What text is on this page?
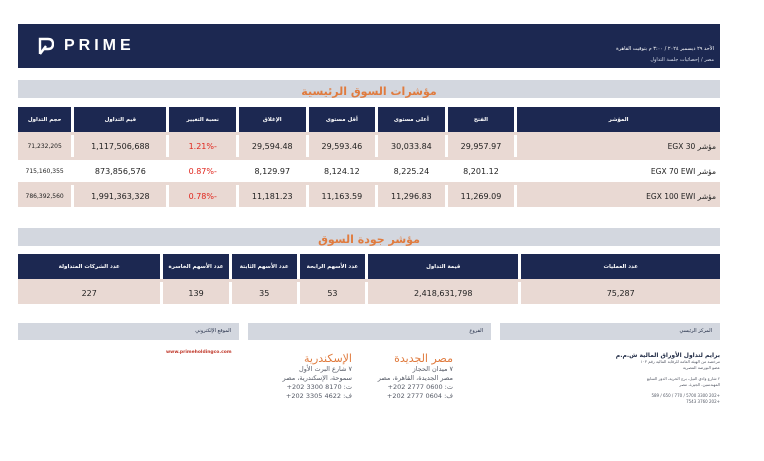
PRIME	الأحد ٢٩ ديسمبر ٢٠٢٤ / ٣:٠٠ م بتوقيت القاهرة
مصر / إحصائيات جلسة التداول
مؤشرات السوق الرئيسية
المؤشر	الفتح	أعلى مستوى	أقل مستوى	الإغلاق	نسبة التغيير	قيم التداول	حجم التداول

مؤشر EGX 30	29,957.97	30,033.84	29,593.46	29,594.48	-1.21%	1,117,506,688	71,232,205

مؤشر EGX 70 EWI	8,201.12	8,225.24	8,124.12	8,129.97	-0.87%	873,856,576	715,160,355

مؤشر EGX 100 EWI	11,269.09	11,296.83	11,163.59	11,181.23	-0.78%	1,991,363,328	786,392,560
مؤشر جودة السوق
عدد العمليات	قيمة التداول	عدد الأسهم الرابحة	عدد الأسهم الثابتة	عدد الأسهم الخاسرة	عدد الشركات المتداولة

75,287	2,418,631,798	53	35	139	227
المركز الرئيسي
الفروع
الموقع الإلكتروني
برايم لتداول الأوراق المالية ش.م.م
مرخصة من الهيئة العامة للرقابة المالية رقم ١٠٣
عضو البورصة المصرية
٢ شارع وادي النيل، برج الحرية، الدور السابع
المهندسين، الجيزة، مصر
+202 3300 5700 / 770 / 650 / 589
+202 3760 7543
مصر الجديدة
٧ ميدان الحجاز
مصر الجديدة، القاهرة، مصر
ت: 0600 2777 202+
ف: 0604 2777 202+
الإسكندرية
٧ شارع البرت الأول
سموحة، الإسكندرية، مصر
ت: 8170 3300 202+
ف: 4622 3305 202+
www.primeholdingco.com
